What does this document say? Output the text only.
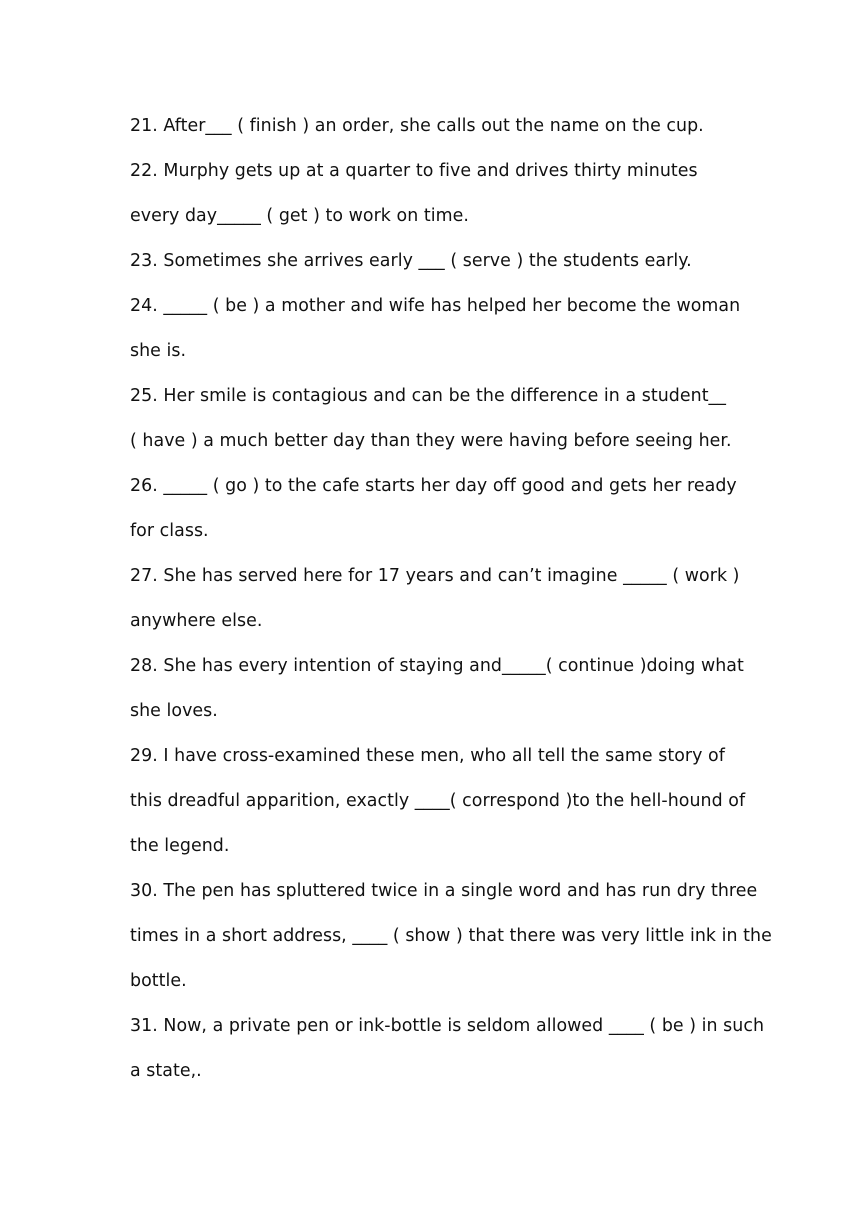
21. After___ ( finish ) an order, she calls out the name on the cup.
22. Murphy gets up at a quarter to five and drives thirty minutes
every day_____ ( get ) to work on time.
23. Sometimes she arrives early ___ ( serve ) the students early.
24. _____ ( be ) a mother and wife has helped her become the woman
she is.
25. Her smile is contagious and can be the difference in a student__
( have ) a much better day than they were having before seeing her.
26. _____ ( go ) to the cafe starts her day off good and gets her ready
for class.
27. She has served here for 17 years and can’t imagine _____ ( work )
anywhere else.
28. She has every intention of staying and_____( continue )doing what
she loves.
29. I have cross-examined these men, who all tell the same story of
this dreadful apparition, exactly ____( correspond )to the hell-hound of
the legend.
30. The pen has spluttered twice in a single word and has run dry three
times in a short address, ____ ( show ) that there was very little ink in the
bottle.
31. Now, a private pen or ink-bottle is seldom allowed ____ ( be ) in such
a state,.
